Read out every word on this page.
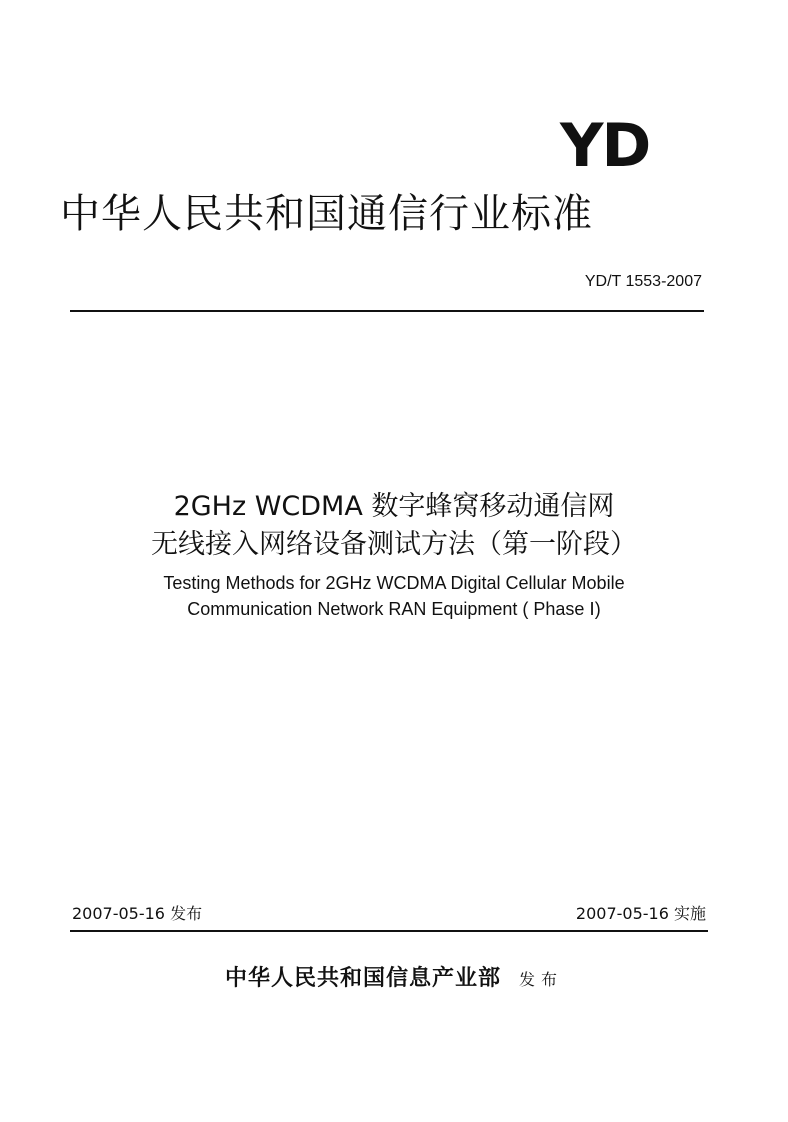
YD
中华人民共和国通信行业标准
YD/T 1553-2007
2GHz WCDMA 数字蜂窝移动通信网
无线接入网络设备测试方法（第一阶段）
Testing Methods for 2GHz WCDMA Digital Cellular Mobile
Communication Network RAN Equipment ( Phase Ⅰ)
2007-05-16 发布	2007-05-16 实施
中华人民共和国信息产业部 发布
